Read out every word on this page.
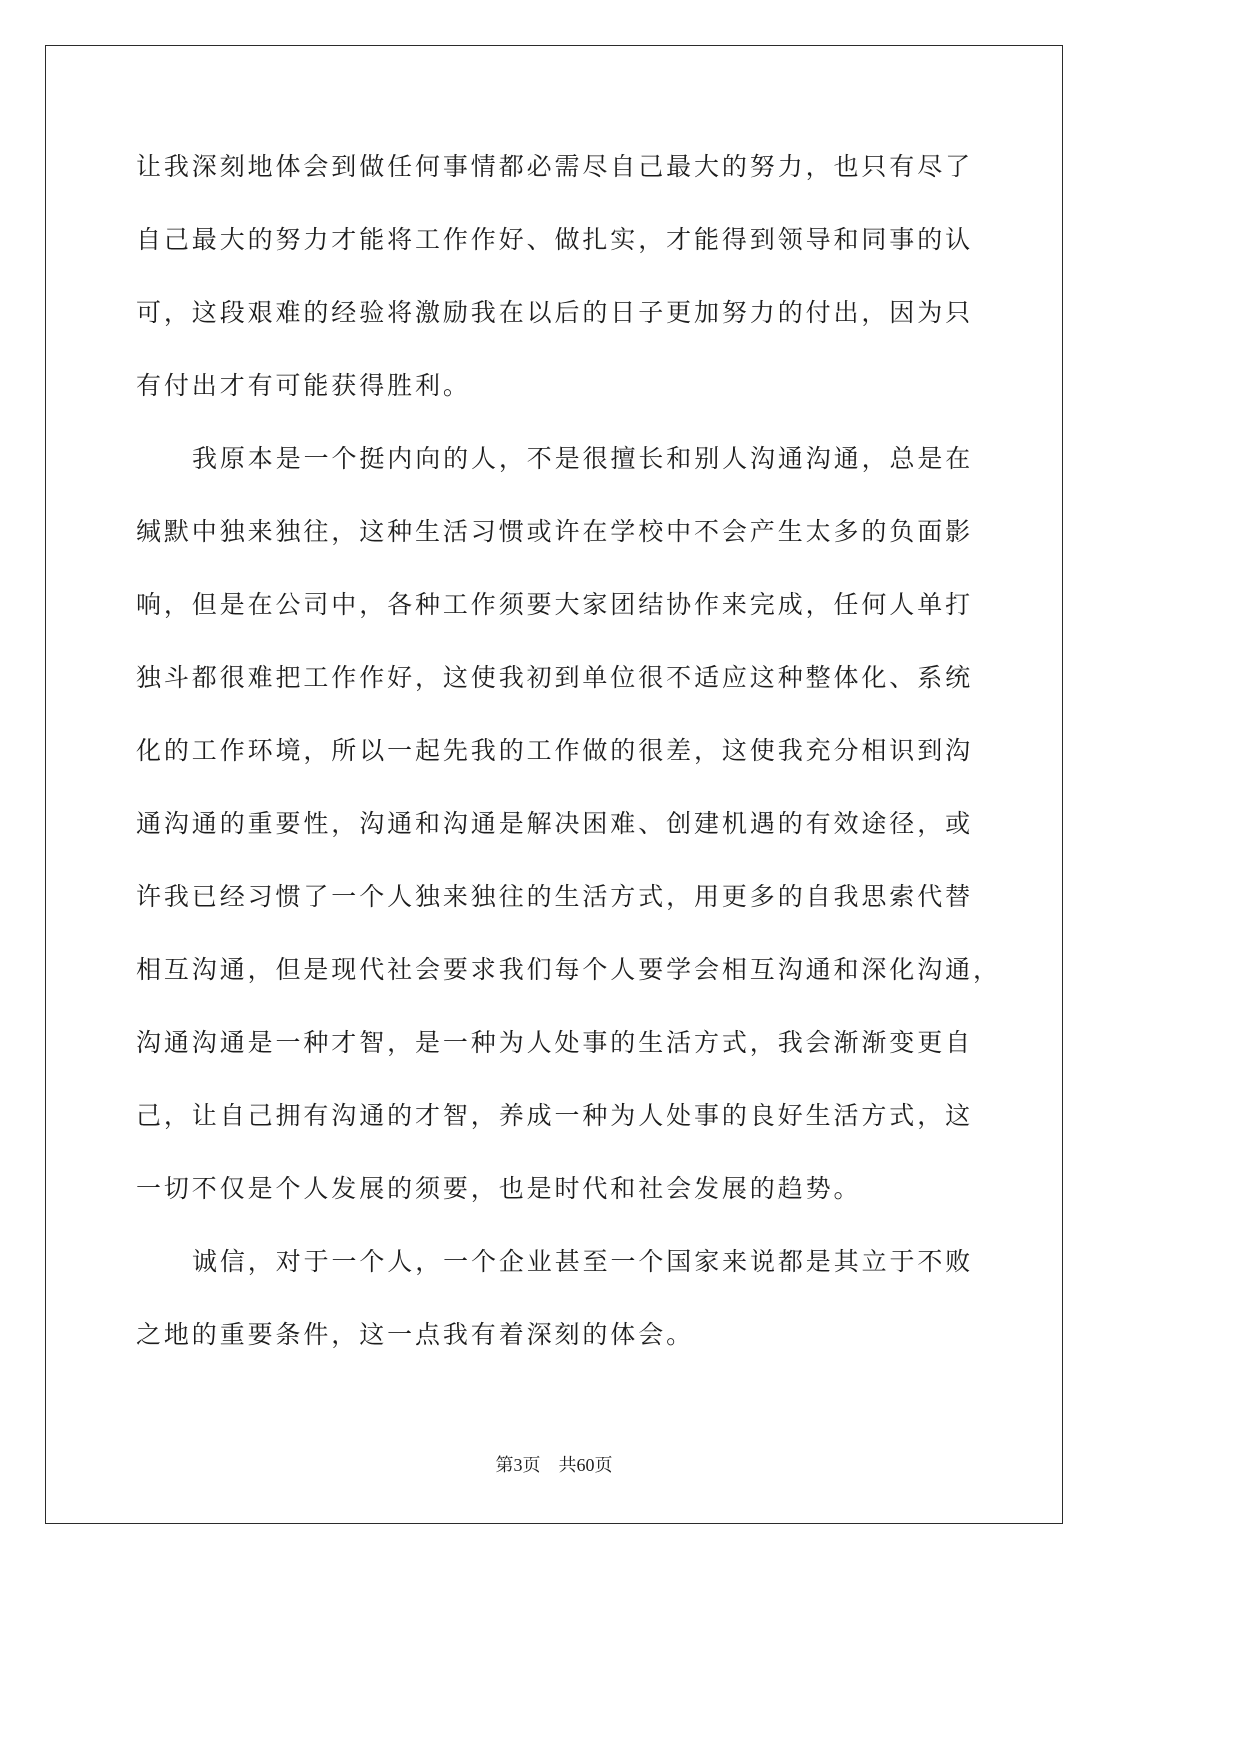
让我深刻地体会到做任何事情都必需尽自己最大的努力，也只有尽了
自己最大的努力才能将工作作好、做扎实，才能得到领导和同事的认
可，这段艰难的经验将激励我在以后的日子更加努力的付出，因为只
有付出才有可能获得胜利。
我原本是一个挺内向的人，不是很擅长和别人沟通沟通，总是在
缄默中独来独往，这种生活习惯或许在学校中不会产生太多的负面影
响，但是在公司中，各种工作须要大家团结协作来完成，任何人单打
独斗都很难把工作作好，这使我初到单位很不适应这种整体化、系统
化的工作环境，所以一起先我的工作做的很差，这使我充分相识到沟
通沟通的重要性，沟通和沟通是解决困难、创建机遇的有效途径，或
许我已经习惯了一个人独来独往的生活方式，用更多的自我思索代替
相互沟通，但是现代社会要求我们每个人要学会相互沟通和深化沟通，
沟通沟通是一种才智，是一种为人处事的生活方式，我会渐渐变更自
己，让自己拥有沟通的才智，养成一种为人处事的良好生活方式，这
一切不仅是个人发展的须要，也是时代和社会发展的趋势。
诚信，对于一个人，一个企业甚至一个国家来说都是其立于不败
之地的重要条件，这一点我有着深刻的体会。
第3页 共60页
